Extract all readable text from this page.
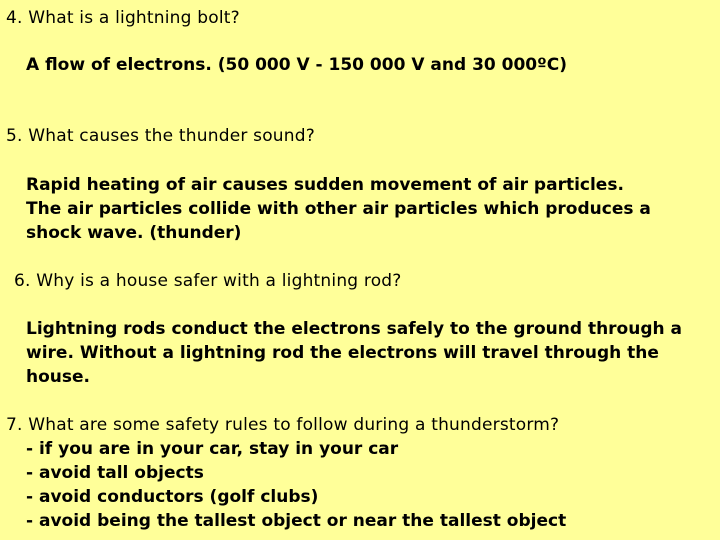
4. What is a lightning bolt?
A flow of electrons. (50 000 V - 150 000 V and 30 000ºC)
5. What causes the thunder sound?
Rapid heating of air causes sudden movement of air particles.
The air particles collide with other air particles which produces a
shock wave. (thunder)
6. Why is a house safer with a lightning rod?
Lightning rods conduct the electrons safely to the ground through a
wire. Without a lightning rod the electrons will travel through the
house.
7. What are some safety rules to follow during a thunderstorm?
- if you are in your car, stay in your car
- avoid tall objects
- avoid conductors (golf clubs)
- avoid being the tallest object or near the tallest object
